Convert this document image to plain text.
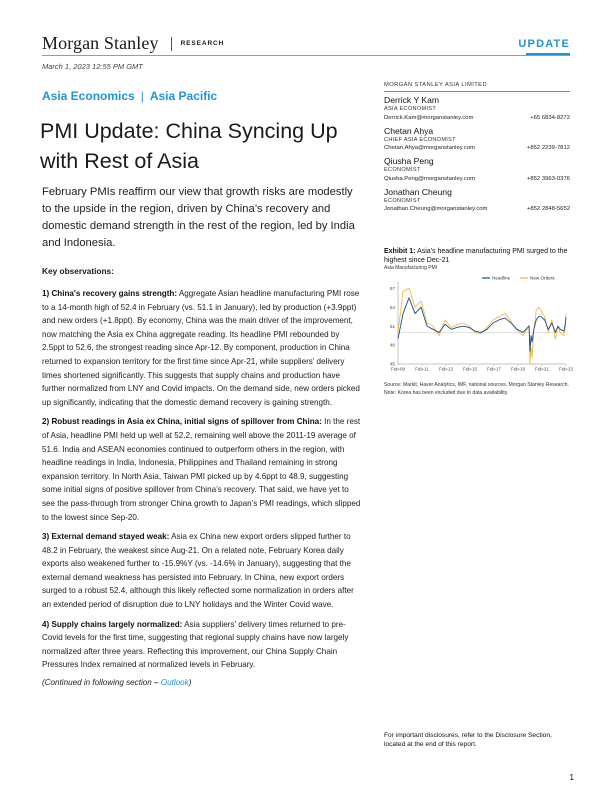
Morgan Stanley	RESEARCH	UPDATE
March 1, 2023 12:55 PM GMT
Asia Economics | Asia Pacific
PMI Update: China Syncing Up with Rest of Asia

February PMIs reaffirm our view that growth risks are modestly to the upside in the region, driven by China’s recovery and domestic demand strength in the rest of the region, led by India and Indonesia.

Key observations:

1) China's recovery gains strength: Aggregate Asian headline manufacturing PMI rose to a 14-month high of 52.4 in February (vs. 51.1 in January), led by production (+3.9ppt) and new orders (+1.8ppt). By economy, China was the main driver of the improvement, now matching the Asia ex China aggregate reading. Its headline PMI rebounded by 2.5ppt to 52.6, the strongest reading since Apr-12. By component, production in China returned to expansion territory for the first time since Apr-21, while suppliers’ delivery times shortened significantly. This suggests that supply chains and production have further normalized from LNY and Covid impacts. On the demand side, new orders picked up significantly, indicating that the domestic demand recovery is gaining strength.

2) Robust readings in Asia ex China, initial signs of spillover from China: In the rest of Asia, headline PMI held up well at 52.2, remaining well above the 2011-19 average of 51.6. India and ASEAN economies continued to outperform others in the region, with headline readings in India, Indonesia, Philippines and Thailand remaining in strong expansion territory. In North Asia, Taiwan PMI picked up by 4.6ppt to 48.9, suggesting some initial signs of positive spillover from China’s recovery. That said, we have yet to see the pass-through from stronger China growth to Japan’s PMI readings, which slipped to the lowest since Sep-20.

3) External demand stayed weak: Asia ex China new export orders slipped further to 48.2 in February, the weakest since Aug-21. On a related note, February Korea daily exports also weakened further to -15.9%Y (vs. -14.6% in January), suggesting that the external demand weakness has persisted into February. In China, new export orders surged to a robust 52.4, although this likely reflected some normalization in orders after an extended period of disruption due to LNY holidays and the Winter Covid wave.

4) Supply chains largely normalized: Asia suppliers’ delivery times returned to pre-Covid levels for the first time, suggesting that regional supply chains have now largely normalized after three years. Reflecting this improvement, our China Supply Chain Pressures Index remained at normalized levels in February.

(Continued in following section – Outlook)

MORGAN STANLEY ASIA LIMITED
Derrick Y Kam
ASIA ECONOMIST
Derrick.Kam@morganstanley.com	+65 6834-8272
Chetan Ahya
CHIEF ASIA ECONOMIST
Chetan.Ahya@morganstanley.com	+852 2239-7812
Qiusha Peng
ECONOMIST
Qiusha.Peng@morganstanley.com	+852 3963-0376
Jonathan Cheung
ECONOMIST
Jonathan.Cheung@morganstanley.com	+852 2848-5652
Exhibit 1: Asia's headline manufacturing PMI surged to the highest since Dec-21
Asia Manufacturing PMI
45
48
51
54
57
Feb-09 Feb-11 Feb-13 Feb-15 Feb-17 Feb-19 Feb-21 Feb-23
Headline	New Orders
Source: Markit, Haver Analytics, IMF, national sources, Morgan Stanley Research. Note: Korea has been excluded due to data availability.
For important disclosures, refer to the Disclosure Section, located at the end of this report.
1
